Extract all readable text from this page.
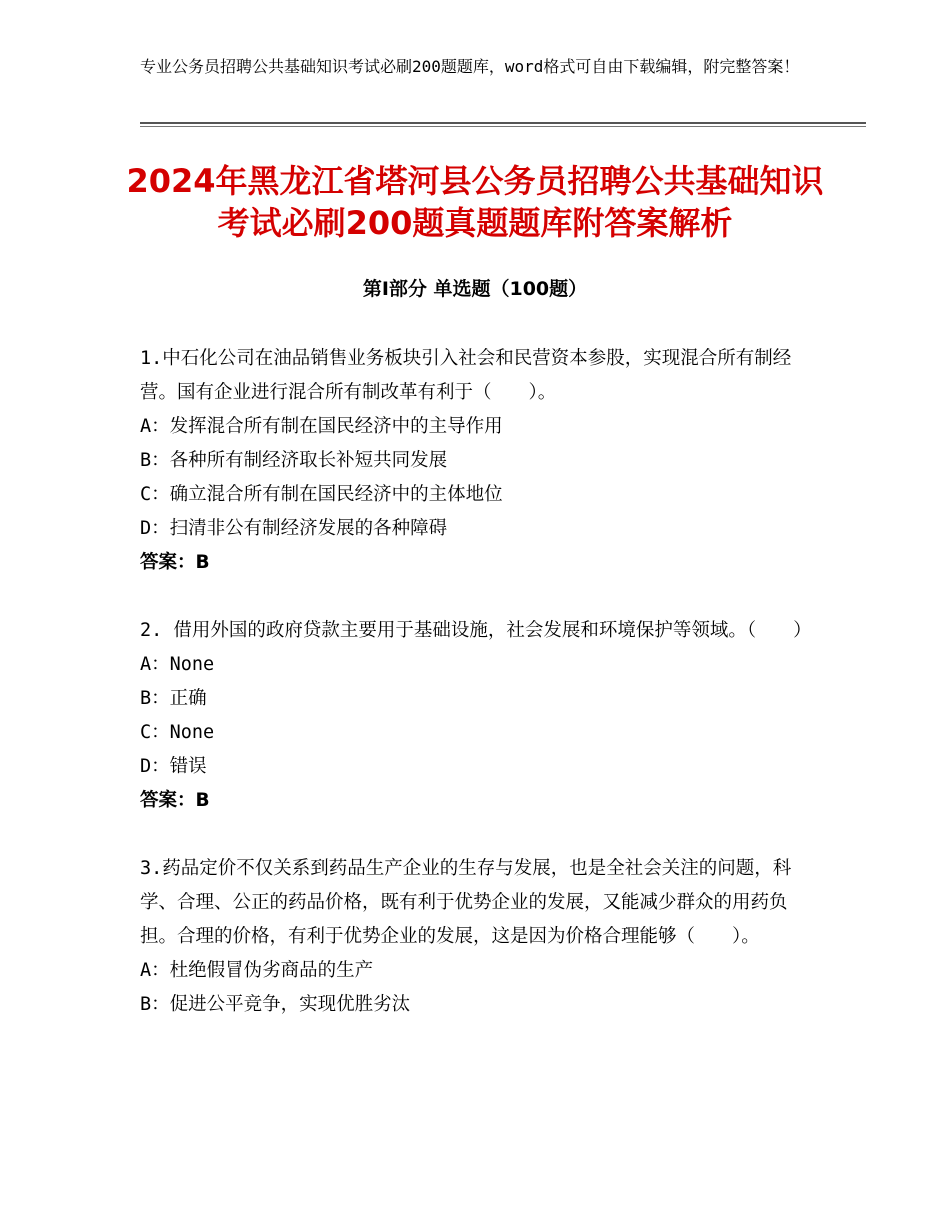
专业公务员招聘公共基础知识考试必刷200题题库，word格式可自由下载编辑，附完整答案！
2024年黑龙江省塔河县公务员招聘公共基础知识考试必刷200题真题题库附答案解析
第Ⅰ部分 单选题（100题）

1.中石化公司在油品销售业务板块引入社会和民营资本参股，实现混合所有制经营。国有企业进行混合所有制改革有利于（　　）。

A：发挥混合所有制在国民经济中的主导作用

B：各种所有制经济取长补短共同发展

C：确立混合所有制在国民经济中的主体地位

D：扫清非公有制经济发展的各种障碍

答案：B

2. 借用外国的政府贷款主要用于基础设施，社会发展和环境保护等领域。（　　）

A：None

B：正确

C：None

D：错误

答案：B

3.药品定价不仅关系到药品生产企业的生存与发展，也是全社会关注的问题，科学、合理、公正的药品价格，既有利于优势企业的发展，又能减少群众的用药负担。合理的价格，有利于优势企业的发展，这是因为价格合理能够（　　）。

A：杜绝假冒伪劣商品的生产

B：促进公平竞争，实现优胜劣汰
